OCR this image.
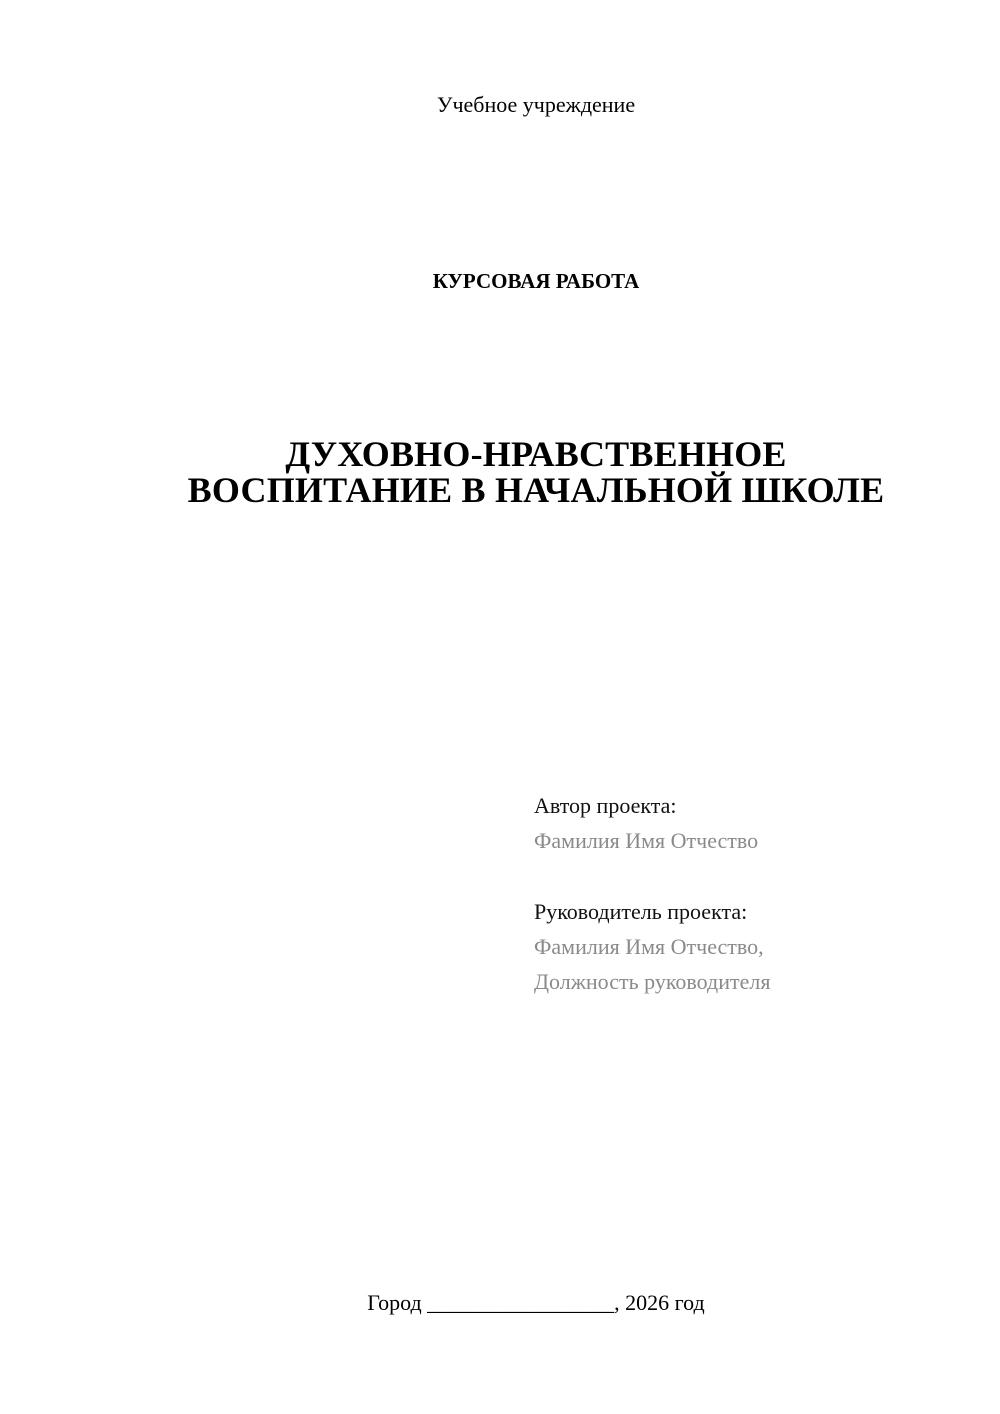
Учебное учреждение
КУРСОВАЯ РАБОТА
ДУХОВНО-НРАВСТВЕННОЕ
ВОСПИТАНИЕ В НАЧАЛЬНОЙ ШКОЛЕ
Автор проекта:
Фамилия Имя Отчество
Руководитель проекта:
Фамилия Имя Отчество,
Должность руководителя
Город _________________, 2026 год
